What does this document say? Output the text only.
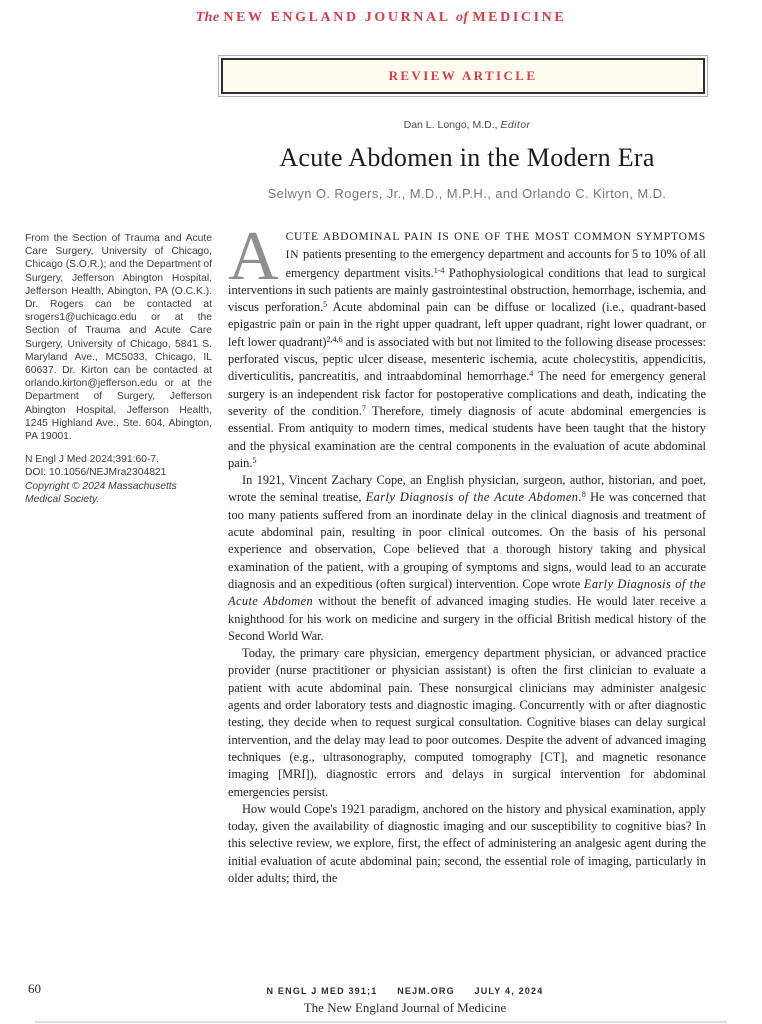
The NEW ENGLAND JOURNAL of MEDICINE
REVIEW ARTICLE
Dan L. Longo, M.D., Editor
Acute Abdomen in the Modern Era
Selwyn O. Rogers, Jr., M.D., M.P.H., and Orlando C. Kirton, M.D.
From the Section of Trauma and Acute Care Surgery, University of Chicago, Chicago (S.O.R.); and the Department of Surgery, Jefferson Abington Hospital, Jefferson Health, Abington, PA (O.C.K.). Dr. Rogers can be contacted at srogers1@uchicago.edu or at the Section of Trauma and Acute Care Surgery, University of Chicago, 5841 S. Maryland Ave., MC5033, Chicago, IL 60637. Dr. Kirton can be contacted at orlando.kirton@jefferson.edu or at the Department of Surgery, Jefferson Abington Hospital, Jefferson Health, 1245 Highland Ave., Ste. 604, Abington, PA 19001.
N Engl J Med 2024;391:60-7.
DOI: 10.1056/NEJMra2304821
Copyright © 2024 Massachusetts Medical Society.

ACUTE ABDOMINAL PAIN IS ONE OF THE MOST COMMON SYMPTOMS IN patients presenting to the emergency department and accounts for 5 to 10% of all emergency department visits.$^{1-4}$ Pathophysiological conditions that lead to surgical interventions in such patients are mainly gastrointestinal obstruction, hemorrhage, ischemia, and viscus perforation.$^5$ Acute abdominal pain can be diffuse or localized (i.e., quadrant-based epigastric pain or pain in the right upper quadrant, left upper quadrant, right lower quadrant, or left lower quadrant)$^{2,4,6}$ and is associated with but not limited to the following disease processes: perforated viscus, peptic ulcer disease, mesenteric ischemia, acute cholecystitis, appendicitis, diverticulitis, pancreatitis, and intraabdominal hemorrhage.$^4$ The need for emergency general surgery is an independent risk factor for postoperative complications and death, indicating the severity of the condition.$^7$ Therefore, timely diagnosis of acute abdominal emergencies is essential. From antiquity to modern times, medical students have been taught that the history and the physical examination are the central components in the evaluation of acute abdominal pain.$^5$

In 1921, Vincent Zachary Cope, an English physician, surgeon, author, historian, and poet, wrote the seminal treatise, Early Diagnosis of the Acute Abdomen.$^8$ He was concerned that too many patients suffered from an inordinate delay in the clinical diagnosis and treatment of acute abdominal pain, resulting in poor clinical outcomes. On the basis of his personal experience and observation, Cope believed that a thorough history taking and physical examination of the patient, with a grouping of symptoms and signs, would lead to an accurate diagnosis and an expeditious (often surgical) intervention. Cope wrote Early Diagnosis of the Acute Abdomen without the benefit of advanced imaging studies. He would later receive a knighthood for his work on medicine and surgery in the official British medical history of the Second World War.

Today, the primary care physician, emergency department physician, or advanced practice provider (nurse practitioner or physician assistant) is often the first clinician to evaluate a patient with acute abdominal pain. These nonsurgical clinicians may administer analgesic agents and order laboratory tests and diagnostic imaging. Concurrently with or after diagnostic testing, they decide when to request surgical consultation. Cognitive biases can delay surgical intervention, and the delay may lead to poor outcomes. Despite the advent of advanced imaging techniques (e.g., ultrasonography, computed tomography [CT], and magnetic resonance imaging [MRI]), diagnostic errors and delays in surgical intervention for abdominal emergencies persist.

How would Cope's 1921 paradigm, anchored on the history and physical examination, apply today, given the availability of diagnostic imaging and our susceptibility to cognitive bias? In this selective review, we explore, first, the effect of administering an analgesic agent during the initial evaluation of acute abdominal pain; second, the essential role of imaging, particularly in older adults; third, the

60	N ENGL J MED 391;1 NEJM.ORG JULY 4, 2024
The New England Journal of Medicine
